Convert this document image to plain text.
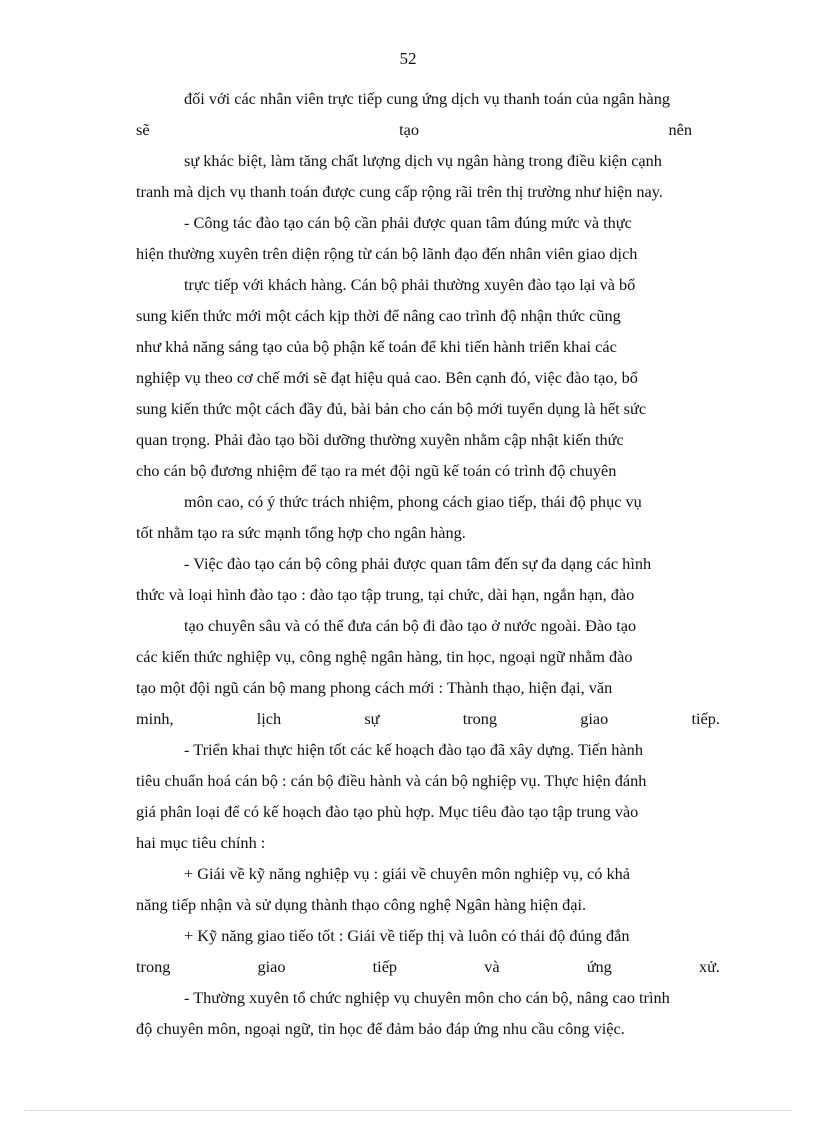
52
đối với các nhân viên trực tiếp cung ứng dịch vụ thanh toán của ngân hàng
sẽ	tạo	nên
sự khác biệt, làm tăng chất lượng dịch vụ ngân hàng trong điều kiện cạnh
tranh mà dịch vụ thanh toán được cung cấp rộng rãi trên thị trường như hiện nay.
- Công tác đào tạo cán bộ cần phải được quan tâm đúng mức và thực
hiện thường xuyên trên diện rộng từ cán bộ lãnh đạo đến nhân viên giao dịch
trực tiếp với khách hàng. Cán bộ phải thường xuyên đào tạo lại và bổ
sung kiến thức mới một cách kịp thời để nâng cao trình độ nhận thức cũng
như khả năng sáng tạo của bộ phận kế toán để khi tiến hành triển khai các
nghiệp vụ theo cơ chế mới sẽ đạt hiệu quả cao. Bên cạnh đó, việc đào tạo, bổ
sung kiến thức một cách đầy đủ, bài bản cho cán bộ mới tuyển dụng là hết sức
quan trọng. Phải đào tạo bồi dưỡng thường xuyên nhằm cập nhật kiến thức
cho cán bộ đương nhiệm để tạo ra mét đội ngũ kế toán có trình độ chuyên
môn cao, có ý thức trách nhiệm, phong cách giao tiếp, thái độ phục vụ
tốt nhằm tạo ra sức mạnh tổng hợp cho ngân hàng.
- Việc đào tạo cán bộ công phải được quan tâm đến sự đa dạng các hình
thức và loại hình đào tạo : đào tạo tập trung, tại chức, dài hạn, ngắn hạn, đào
tạo chuyên sâu và có thể đưa cán bộ đi đào tạo ở nước ngoài. Đào tạo
các kiến thức nghiệp vụ, công nghệ ngân hàng, tin học, ngoại ngữ nhằm đào
tạo một đội ngũ cán bộ mang phong cách mới : Thành thạo, hiện đại, văn
minh,	lịch	sự	trong	giao	tiếp.
- Triển khai thực hiện tốt các kế hoạch đào tạo đã xây dựng. Tiến hành
tiêu chuẩn hoá cán bộ : cán bộ điều hành và cán bộ nghiệp vụ. Thực hiện đánh
giá phân loại để có kế hoạch đào tạo phù hợp. Mục tiêu đào tạo tập trung vào
hai mục tiêu chính :
+ Giái về kỹ năng nghiệp vụ : giái về chuyên môn nghiệp vụ, có khả
năng tiếp nhận và sử dụng thành thạo công nghệ Ngân hàng hiện đại.
+ Kỹ năng giao tiếo tốt : Giái về tiếp thị và luôn có thái độ đúng đắn
trong	giao	tiếp	và	ứng	xử.
- Thường xuyên tổ chức nghiệp vụ chuyên môn cho cán bộ, nâng cao trình
độ chuyên môn, ngoại ngữ, tin học để đảm bảo đáp ứng nhu cầu công việc.
